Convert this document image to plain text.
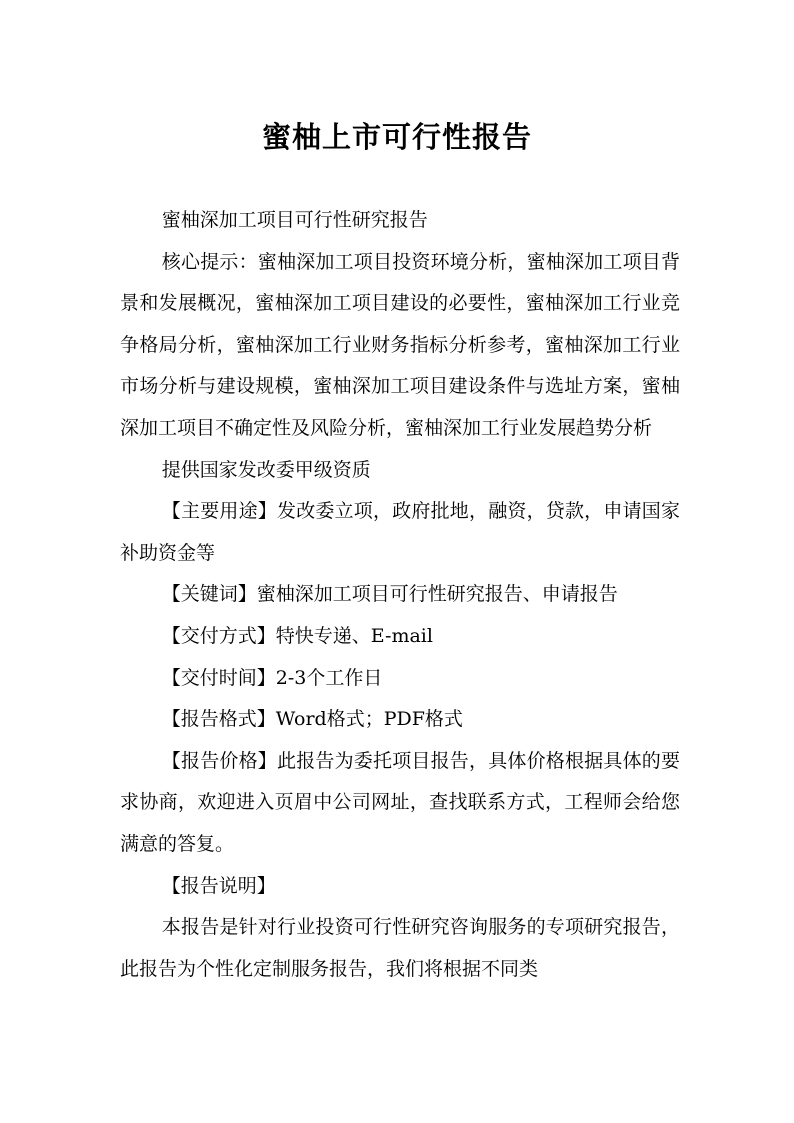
蜜柚上市可行性报告

蜜柚深加工项目可行性研究报告

核心提示：蜜柚深加工项目投资环境分析，蜜柚深加工项目背景和发展概况，蜜柚深加工项目建设的必要性，蜜柚深加工行业竞争格局分析，蜜柚深加工行业财务指标分析参考，蜜柚深加工行业市场分析与建设规模，蜜柚深加工项目建设条件与选址方案，蜜柚深加工项目不确定性及风险分析，蜜柚深加工行业发展趋势分析

提供国家发改委甲级资质

【主要用途】发改委立项，政府批地，融资，贷款，申请国家补助资金等

【关键词】蜜柚深加工项目可行性研究报告、申请报告

【交付方式】特快专递、E-mail

【交付时间】2-3个工作日

【报告格式】Word格式；PDF格式

【报告价格】此报告为委托项目报告，具体价格根据具体的要求协商，欢迎进入页眉中公司网址，查找联系方式，工程师会给您满意的答复。

【报告说明】

本报告是针对行业投资可行性研究咨询服务的专项研究报告，此报告为个性化定制服务报告，我们将根据不同类
